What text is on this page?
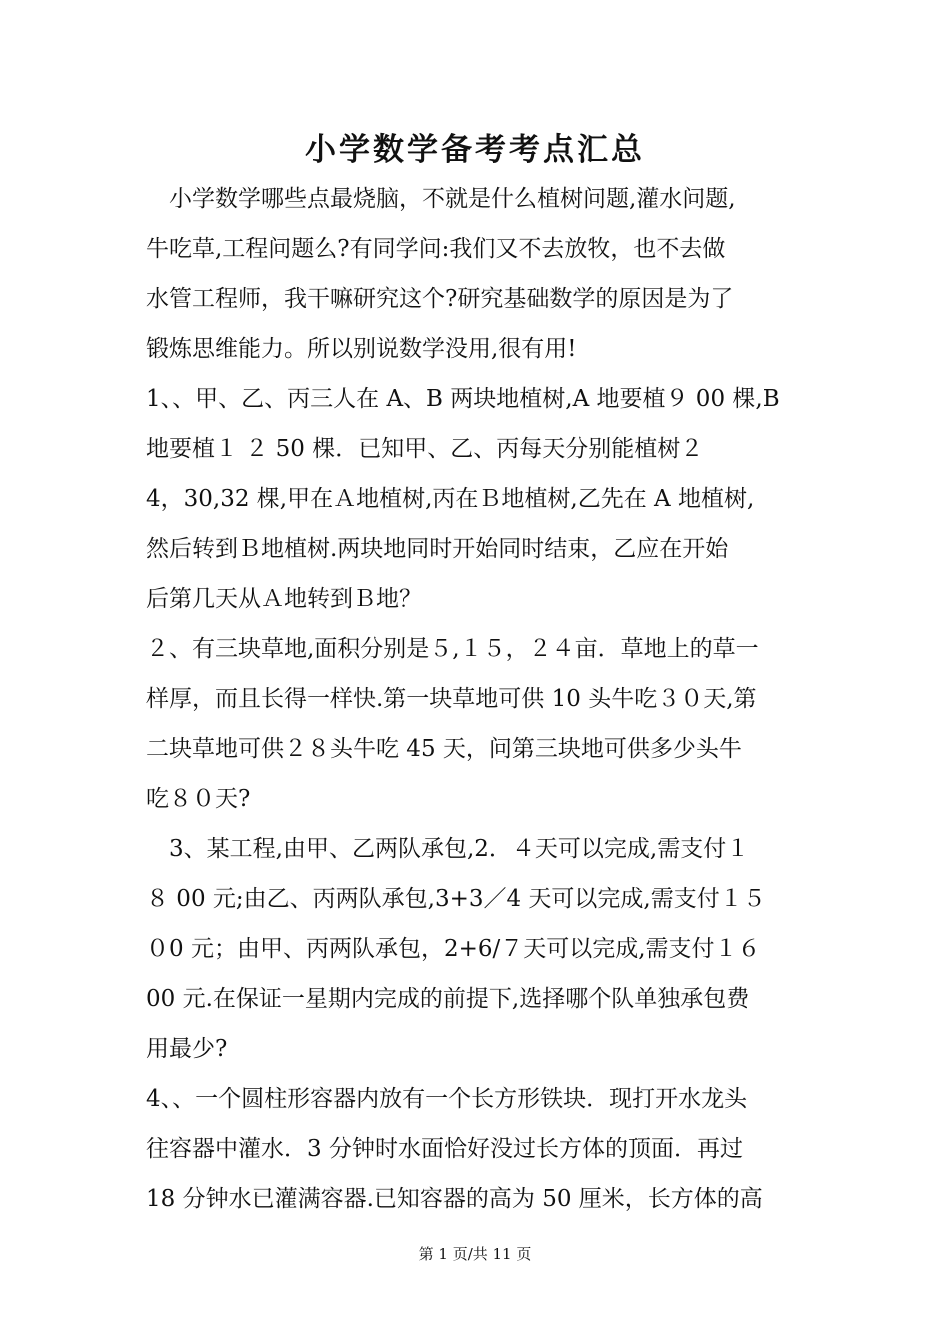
小学数学备考考点汇总
　小学数学哪些点最烧脑，不就是什么植树问题,灌水问题,
牛吃草,工程问题么?有同学问:我们又不去放牧，也不去做
水管工程师，我干嘛研究这个?研究基础数学的原因是为了
锻炼思维能力。所以别说数学没用,很有用!
1、、甲、乙、丙三人在 A、B 两块地植树,A 地要植９ 00 棵,B
地要植１ ２ 50 棵．已知甲、乙、丙每天分别能植树２
4，30,32 棵,甲在Ａ地植树,丙在Ｂ地植树,乙先在 A 地植树,
然后转到Ｂ地植树.两块地同时开始同时结束，乙应在开始
后第几天从Ａ地转到Ｂ地？
２、有三块草地,面积分别是５,１５，２４亩．草地上的草一
样厚，而且长得一样快.第一块草地可供 10 头牛吃３０天,第
二块草地可供２８头牛吃 45 天，问第三块地可供多少头牛
吃８０天?
　3、某工程,由甲、乙两队承包,2．４天可以完成,需支付１
８ 00 元;由乙、丙两队承包,3+3／4 天可以完成,需支付１５
０0 元；由甲、丙两队承包，2+6/７天可以完成,需支付１６
00 元.在保证一星期内完成的前提下,选择哪个队单独承包费
用最少?
4、、一个圆柱形容器内放有一个长方形铁块．现打开水龙头
往容器中灌水．3 分钟时水面恰好没过长方体的顶面．再过
18 分钟水已灌满容器.已知容器的高为 50 厘米，长方体的高
第 1 页/共 11 页
